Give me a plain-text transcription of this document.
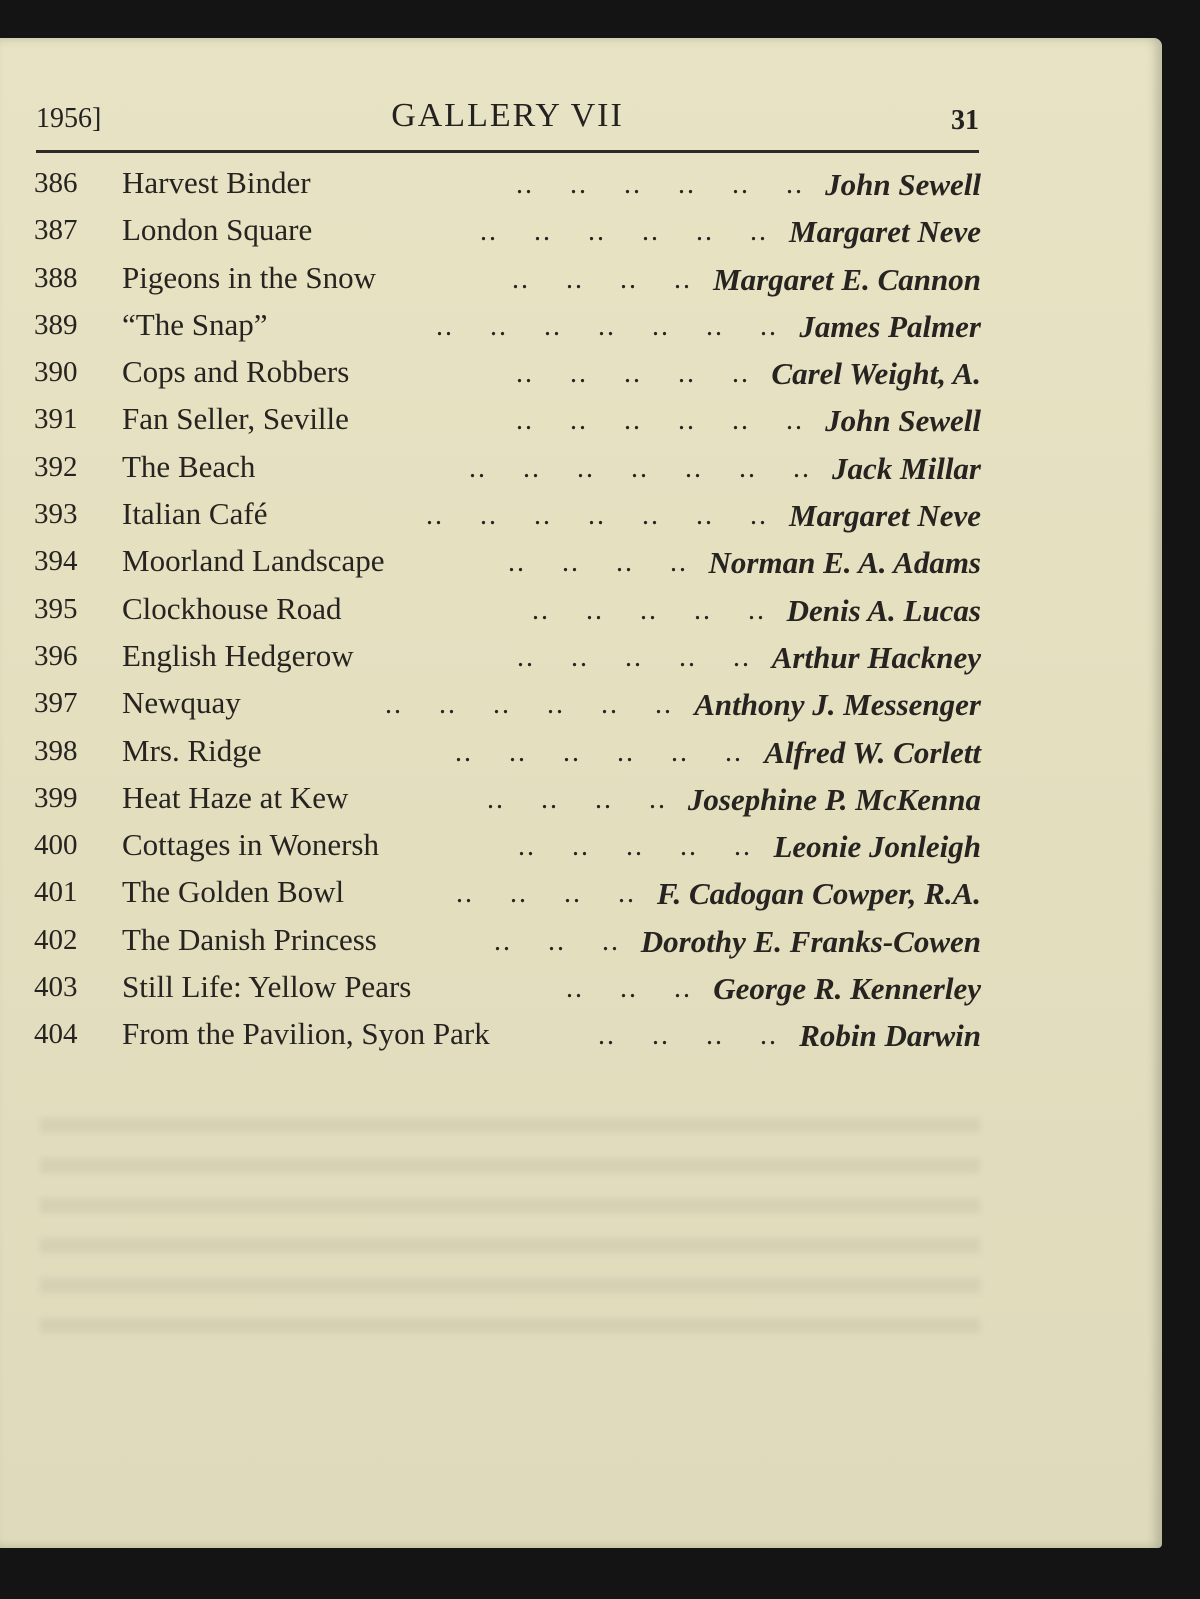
1956]	GALLERY VII	31
386 Harvest Binder	..    ..    ..    ..    ..    .. John Sewell
387 London Square	..    ..    ..    ..    ..    .. Margaret Neve
388 Pigeons in the Snow	..    ..    ..    .. Margaret E. Cannon
389 “The Snap”	..    ..    ..    ..    ..    ..    .. James Palmer
390 Cops and Robbers	..    ..    ..    ..    .. Carel Weight, A.
391 Fan Seller, Seville	..    ..    ..    ..    ..    .. John Sewell
392 The Beach	..    ..    ..    ..    ..    ..    .. Jack Millar
393 Italian Café	..    ..    ..    ..    ..    ..    .. Margaret Neve
394 Moorland Landscape	..    ..    ..    .. Norman E. A. Adams
395 Clockhouse Road	..    ..    ..    ..    .. Denis A. Lucas
396 English Hedgerow	..    ..    ..    ..    .. Arthur Hackney
397 Newquay	..    ..    ..    ..    ..    .. Anthony J. Messenger
398 Mrs. Ridge	..    ..    ..    ..    ..    .. Alfred W. Corlett
399 Heat Haze at Kew	..    ..    ..    .. Josephine P. McKenna
400 Cottages in Wonersh	..    ..    ..    ..    .. Leonie Jonleigh
401 The Golden Bowl	..    ..    ..    .. F. Cadogan Cowper, R.A.
402 The Danish Princess	..    ..    .. Dorothy E. Franks-Cowen
403 Still Life: Yellow Pears	..    ..    .. George R. Kennerley
404 From the Pavilion, Syon Park	..    ..    ..    .. Robin Darwin
